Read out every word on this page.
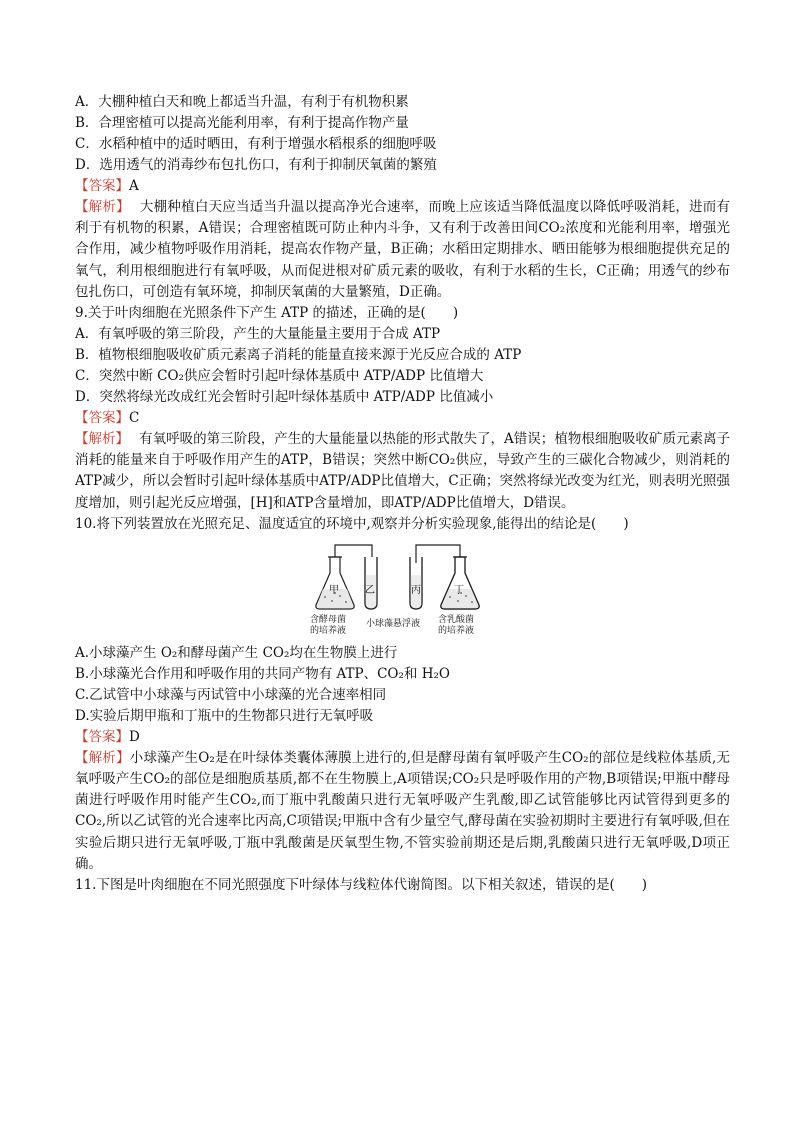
A．大棚种植白天和晚上都适当升温，有利于有机物积累
B．合理密植可以提高光能利用率，有利于提高作物产量
C．水稻种植中的适时晒田，有利于增强水稻根系的细胞呼吸
D．选用透气的消毒纱布包扎伤口，有利于抑制厌氧菌的繁殖
【答案】A
【解析】 大棚种植白天应当适当升温以提高净光合速率，而晚上应该适当降低温度以降低呼吸消耗，进而有利于有机物的积累，A错误；合理密植既可防止种内斗争，又有利于改善田间CO₂浓度和光能利用率，增强光合作用，减少植物呼吸作用消耗，提高农作物产量，B正确；水稻田定期排水、晒田能够为根细胞提供充足的氧气，利用根细胞进行有氧呼吸，从而促进根对矿质元素的吸收，有利于水稻的生长，C正确；用透气的纱布包扎伤口，可创造有氧环境，抑制厌氧菌的大量繁殖，D正确。
9.关于叶肉细胞在光照条件下产生 ATP 的描述，正确的是(　　)
A．有氧呼吸的第三阶段，产生的大量能量主要用于合成 ATP
B．植物根细胞吸收矿质元素离子消耗的能量直接来源于光反应合成的 ATP
C．突然中断 CO₂供应会暂时引起叶绿体基质中 ATP/ADP 比值增大
D．突然将绿光改成红光会暂时引起叶绿体基质中 ATP/ADP 比值减小
【答案】C
【解析】 有氧呼吸的第三阶段，产生的大量能量以热能的形式散失了，A错误；植物根细胞吸收矿质元素离子消耗的能量来自于呼吸作用产生的ATP，B错误；突然中断CO₂供应，导致产生的三碳化合物减少，则消耗的ATP减少，所以会暂时引起叶绿体基质中ATP/ADP比值增大，C正确；突然将绿光改变为红光，则表明光照强度增加，则引起光反应增强，[H]和ATP含量增加，即ATP/ADP比值增大，D错误。
10.将下列装置放在光照充足、温度适宜的环境中,观察并分析实验现象,能得出的结论是(　　)
甲	乙	丙	丁
含酵母菌
的培养液
小球藻悬浮液 含乳酸菌
的培养液
A.小球藻产生 O₂和酵母菌产生 CO₂均在生物膜上进行
B.小球藻光合作用和呼吸作用的共同产物有 ATP、CO₂和 H₂O
C.乙试管中小球藻与丙试管中小球藻的光合速率相同
D.实验后期甲瓶和丁瓶中的生物都只进行无氧呼吸
【答案】D
【解析】小球藻产生O₂是在叶绿体类囊体薄膜上进行的,但是酵母菌有氧呼吸产生CO₂的部位是线粒体基质,无氧呼吸产生CO₂的部位是细胞质基质,都不在生物膜上,A项错误;CO₂只是呼吸作用的产物,B项错误;甲瓶中酵母菌进行呼吸作用时能产生CO₂,而丁瓶中乳酸菌只进行无氧呼吸产生乳酸,即乙试管能够比丙试管得到更多的CO₂,所以乙试管的光合速率比丙高,C项错误;甲瓶中含有少量空气,酵母菌在实验初期时主要进行有氧呼吸,但在实验后期只进行无氧呼吸,丁瓶中乳酸菌是厌氧型生物,不管实验前期还是后期,乳酸菌只进行无氧呼吸,D项正确。
11.下图是叶肉细胞在不同光照强度下叶绿体与线粒体代谢简图。以下相关叙述，错误的是(　　)
